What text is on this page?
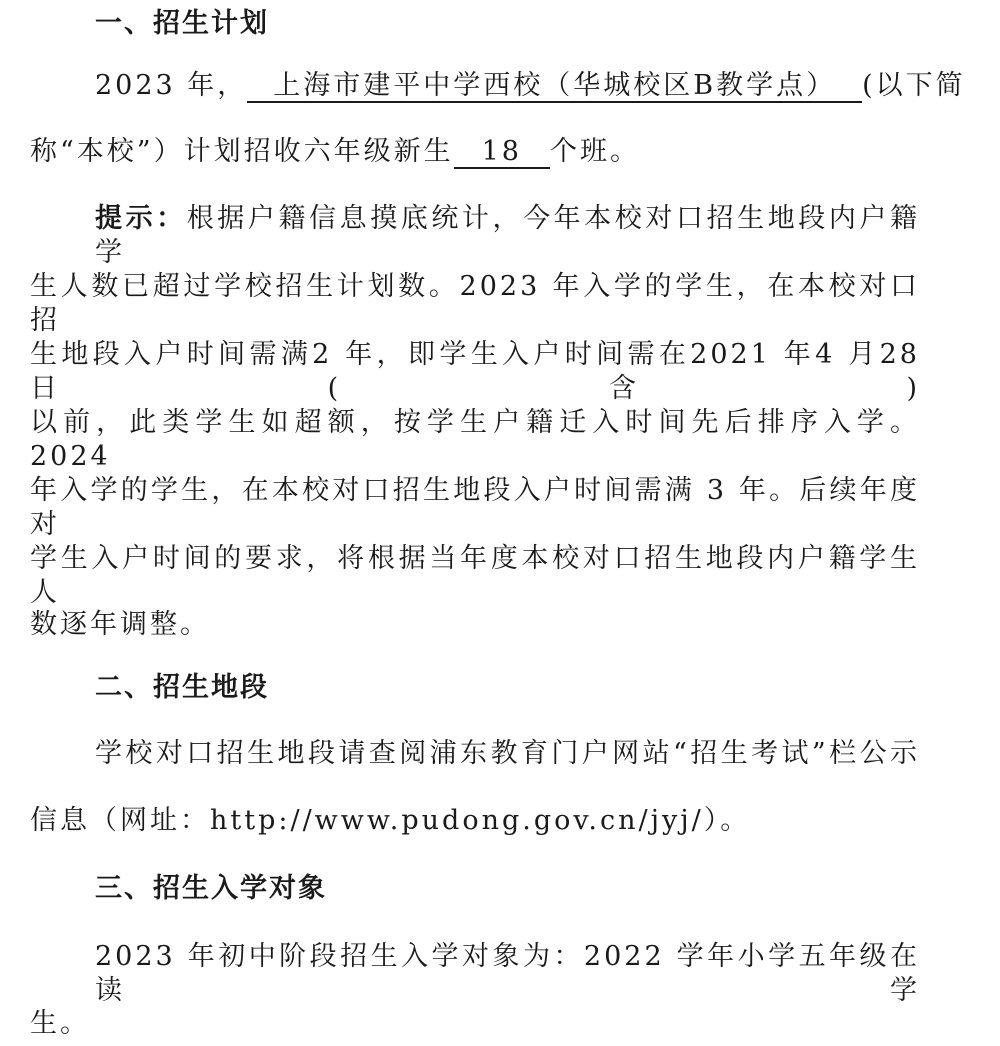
一、招生计划
2023 年， 上海市建平中学西校（华城校区B教学点） (以下简
称“本校”）计划招收六年级新生 18 个班。
提示：根据户籍信息摸底统计，今年本校对口招生地段内户籍学
生人数已超过学校招生计划数。2023 年入学的学生，在本校对口招
生地段入户时间需满2 年，即学生入户时间需在2021 年4 月28 日(含)
以前，此类学生如超额，按学生户籍迁入时间先后排序入学。2024
年入学的学生，在本校对口招生地段入户时间需满 3 年。后续年度对
学生入户时间的要求，将根据当年度本校对口招生地段内户籍学生人
数逐年调整。
二、招生地段
学校对口招生地段请查阅浦东教育门户网站“招生考试”栏公示
信息（网址：http://www.pudong.gov.cn/jyj/）。
三、招生入学对象
2023 年初中阶段招生入学对象为：2022 学年小学五年级在读学
生。
